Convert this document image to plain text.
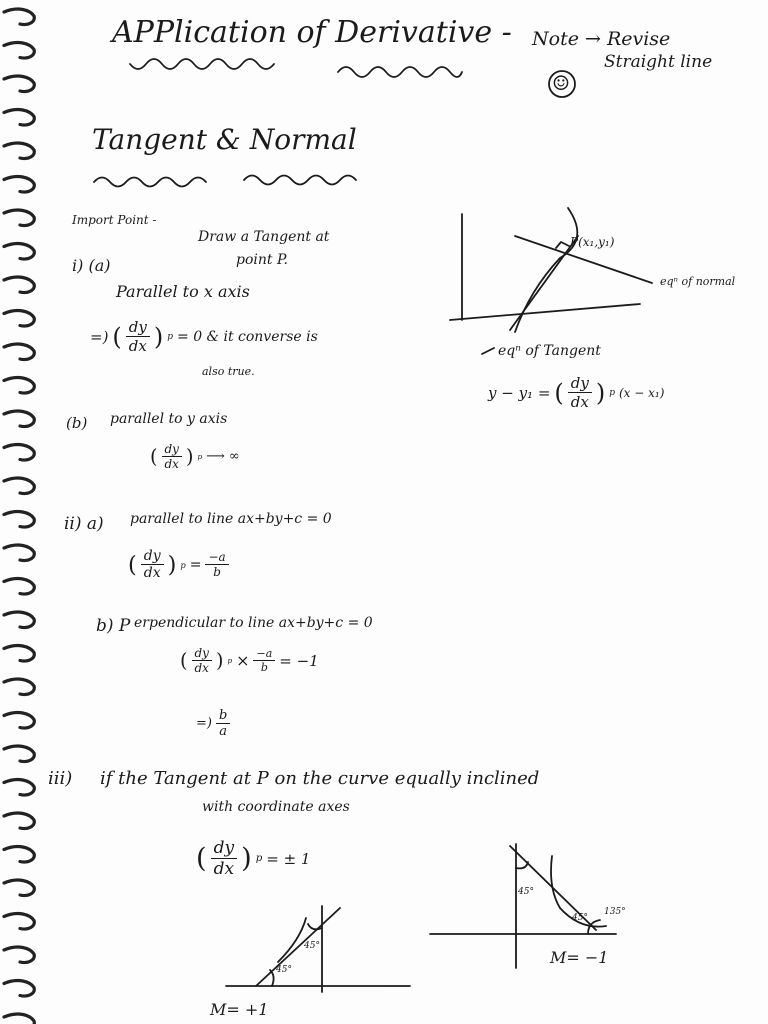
APPlication of Derivative - Note → Revise
Straight line
☺
Tangent & Normal
Import Point -
Draw a Tangent at
point P.
i) (a)
Parallel to x axis
=) ( $\frac{dy}{dx}$ ) p = 0 & it converse is
also true.
(b) parallel to y axis
( $\frac{dy}{dx}$ ) p ⟶ ∞
ii) a) parallel to line ax+by+c = 0
( $\frac{dy}{dx}$ ) $p = \frac{-a}{b}$
b) P erpendicular to line ax+by+c = 0
( $\frac{dy}{dx}$ ) $p \times \frac{-a}{b} = -1$
=) $\frac{b}{a}$
iii) if the Tangent at P on the curve equally inclined
with coordinate axes
( $\frac{dy}{dx}$ ) p = ± 1
P(x₁,y₁)
eqⁿ of normal
eqⁿ of Tangent
y − y₁ = ( $\frac{dy}{dx}$ ) p (x − x₁)
45°
45°
M= +1
45°
45°
135°
M= −1
